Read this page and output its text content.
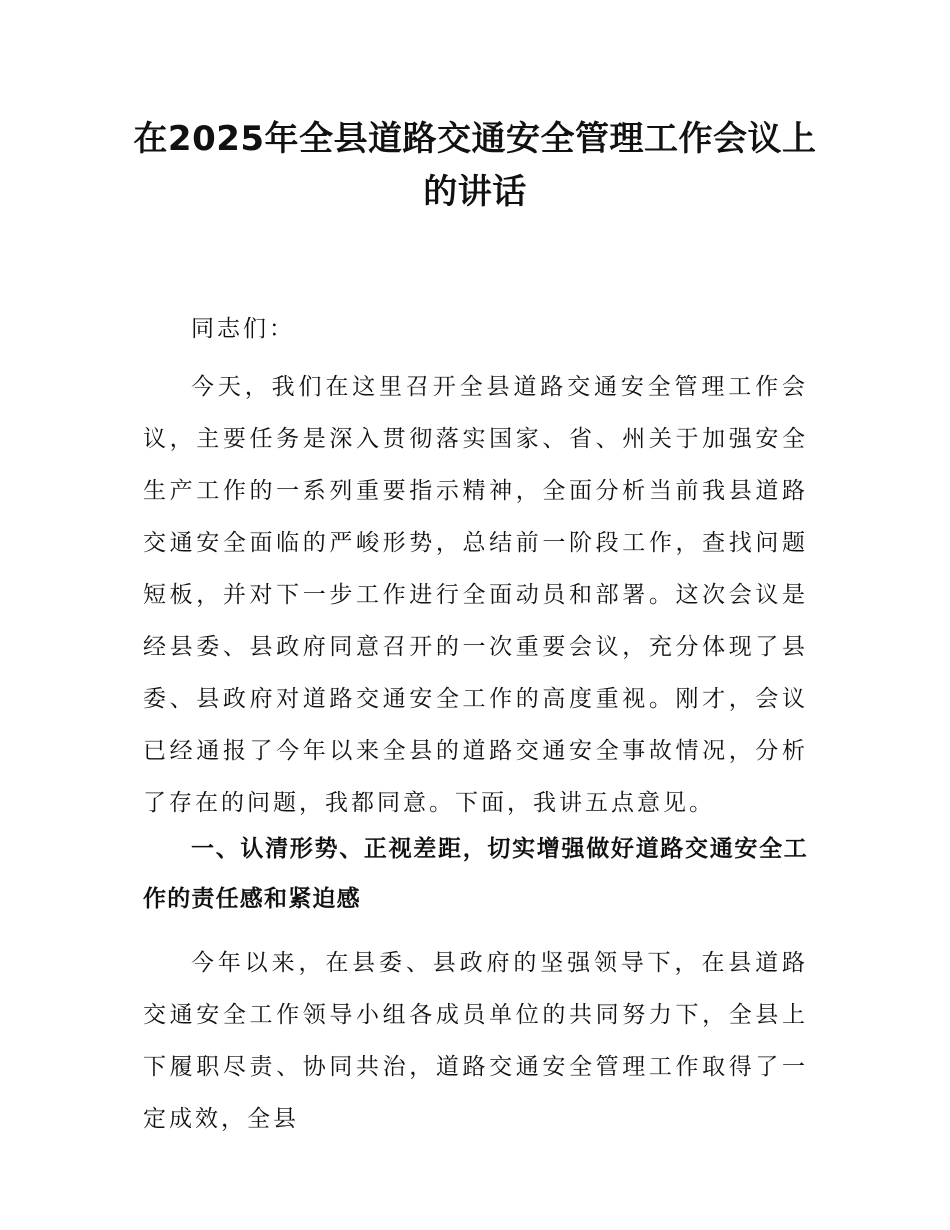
在2025年全县道路交通安全管理工作会议上的讲话

同志们：

今天，我们在这里召开全县道路交通安全管理工作会议，主要任务是深入贯彻落实国家、省、州关于加强安全生产工作的一系列重要指示精神，全面分析当前我县道路交通安全面临的严峻形势，总结前一阶段工作，查找问题短板，并对下一步工作进行全面动员和部署。这次会议是经县委、县政府同意召开的一次重要会议，充分体现了县委、县政府对道路交通安全工作的高度重视。刚才，会议已经通报了今年以来全县的道路交通安全事故情况，分析了存在的问题，我都同意。下面，我讲五点意见。

一、认清形势、正视差距，切实增强做好道路交通安全工作的责任感和紧迫感

今年以来，在县委、县政府的坚强领导下，在县道路交通安全工作领导小组各成员单位的共同努力下，全县上下履职尽责、协同共治，道路交通安全管理工作取得了一定成效，全县
